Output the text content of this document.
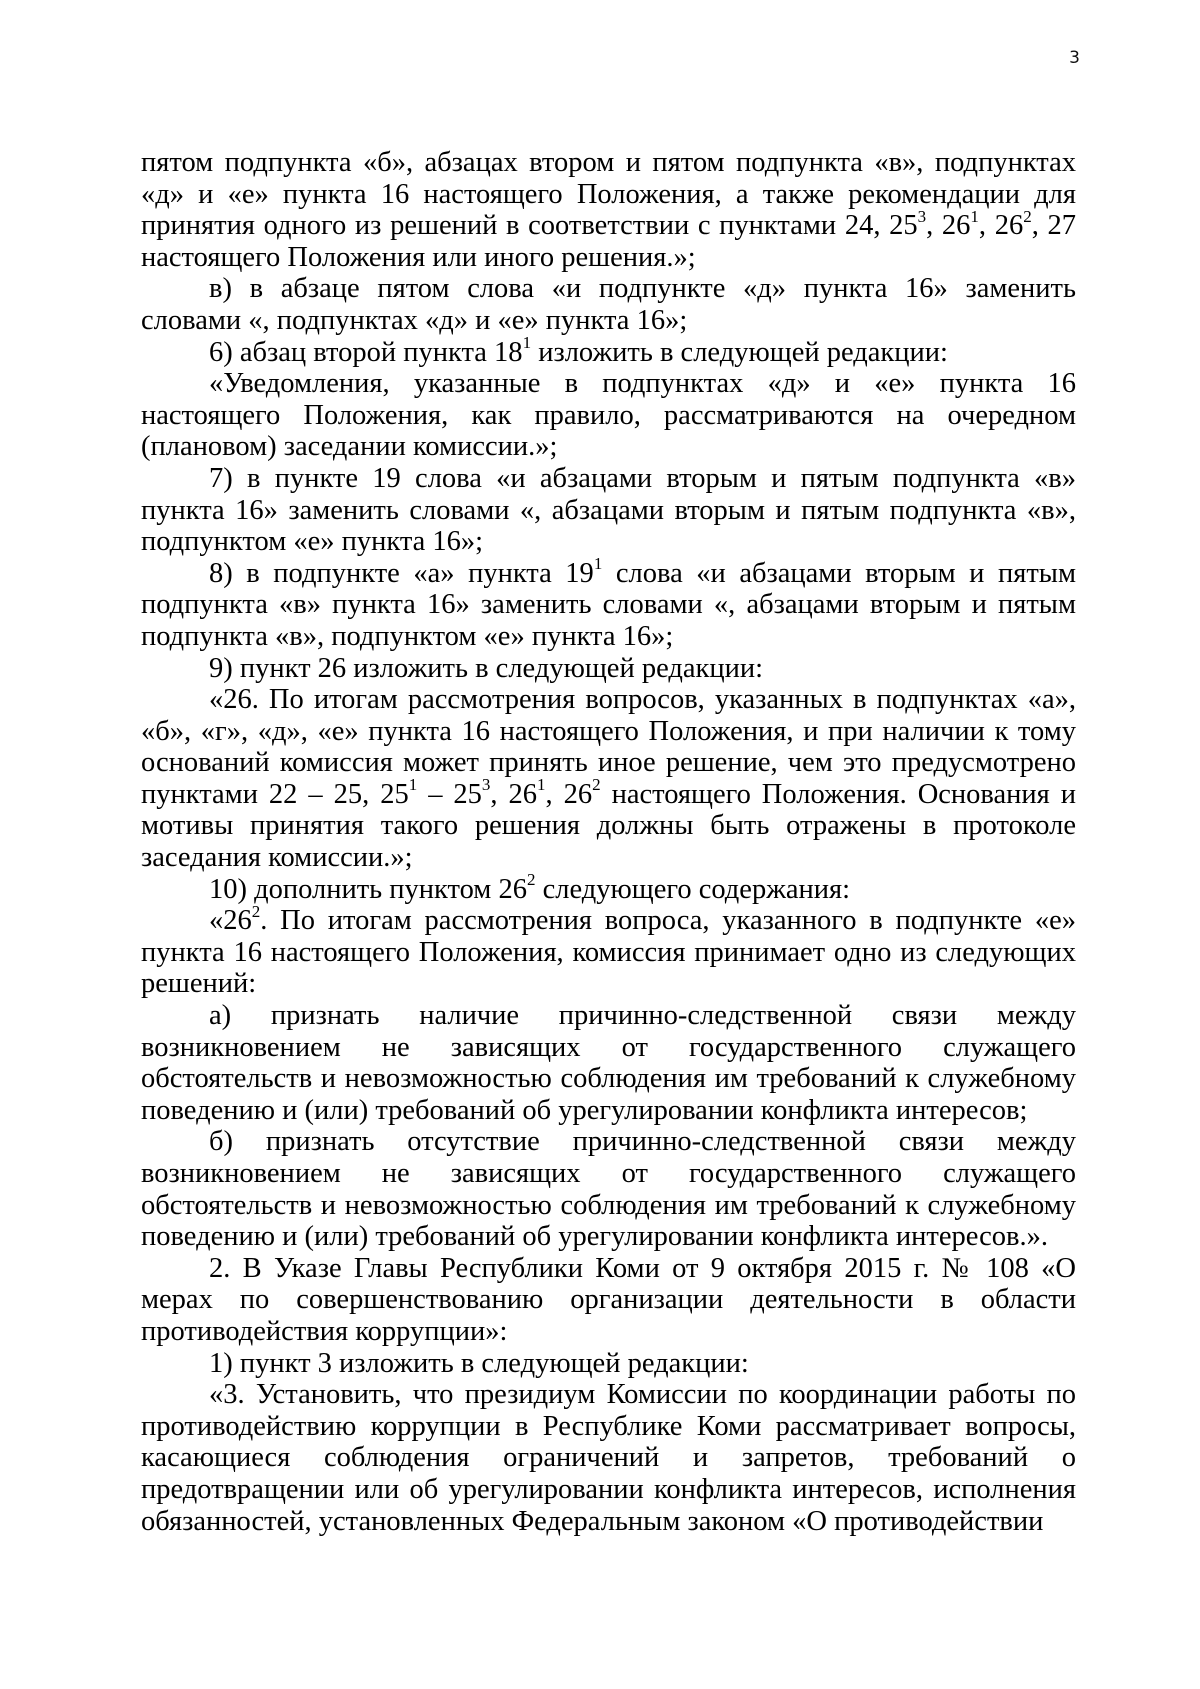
3

пятом подпункта «б», абзацах втором и пятом подпункта «в», подпунктах «д» и «е» пункта 16 настоящего Положения, а также рекомендации для принятия одного из решений в соответствии с пунктами 24, $25^3$, $26^1$, $26^2$, 27 настоящего Положения или иного решения.»;

в) в абзаце пятом слова «и подпункте «д» пункта 16» заменить словами «, подпунктах «д» и «е» пункта 16»;

6) абзац второй пункта $18^1$ изложить в следующей редакции:

«Уведомления, указанные в подпунктах «д» и «е» пункта 16 настоящего Положения, как правило, рассматриваются на очередном (плановом) заседании комиссии.»;

7) в пункте 19 слова «и абзацами вторым и пятым подпункта «в» пункта 16» заменить словами «, абзацами вторым и пятым подпункта «в», подпунктом «е» пункта 16»;

8) в подпункте «а» пункта $19^1$ слова «и абзацами вторым и пятым подпункта «в» пункта 16» заменить словами «, абзацами вторым и пятым подпункта «в», подпунктом «е» пункта 16»;

9) пункт 26 изложить в следующей редакции:

«26. По итогам рассмотрения вопросов, указанных в подпунктах «а», «б», «г», «д», «е» пункта 16 настоящего Положения, и при наличии к тому оснований комиссия может принять иное решение, чем это предусмотрено пунктами 22 – 25, $25^1 - 25^3$, $26^1$, $26^2$ настоящего Положения. Основания и мотивы принятия такого решения должны быть отражены в протоколе заседания комиссии.»;

10) дополнить пунктом $26^2$ следующего содержания:

«$26^2$. По итогам рассмотрения вопроса, указанного в подпункте «е» пункта 16 настоящего Положения, комиссия принимает одно из следующих решений:

а) признать наличие причинно-следственной связи между возникновением не зависящих от государственного служащего обстоятельств и невозможностью соблюдения им требований к служебному поведению и (или) требований об урегулировании конфликта интересов;

б) признать отсутствие причинно-следственной связи между возникновением не зависящих от государственного служащего обстоятельств и невозможностью соблюдения им требований к служебному поведению и (или) требований об урегулировании конфликта интересов.».

2. В Указе Главы Республики Коми от 9 октября 2015 г. № 108 «О мерах по совершенствованию организации деятельности в области противодействия коррупции»:

1) пункт 3 изложить в следующей редакции:

«3. Установить, что президиум Комиссии по координации работы по противодействию коррупции в Республике Коми рассматривает вопросы, касающиеся соблюдения ограничений и запретов, требований о предотвращении или об урегулировании конфликта интересов, исполнения обязанностей, установленных Федеральным законом «О противодействии
